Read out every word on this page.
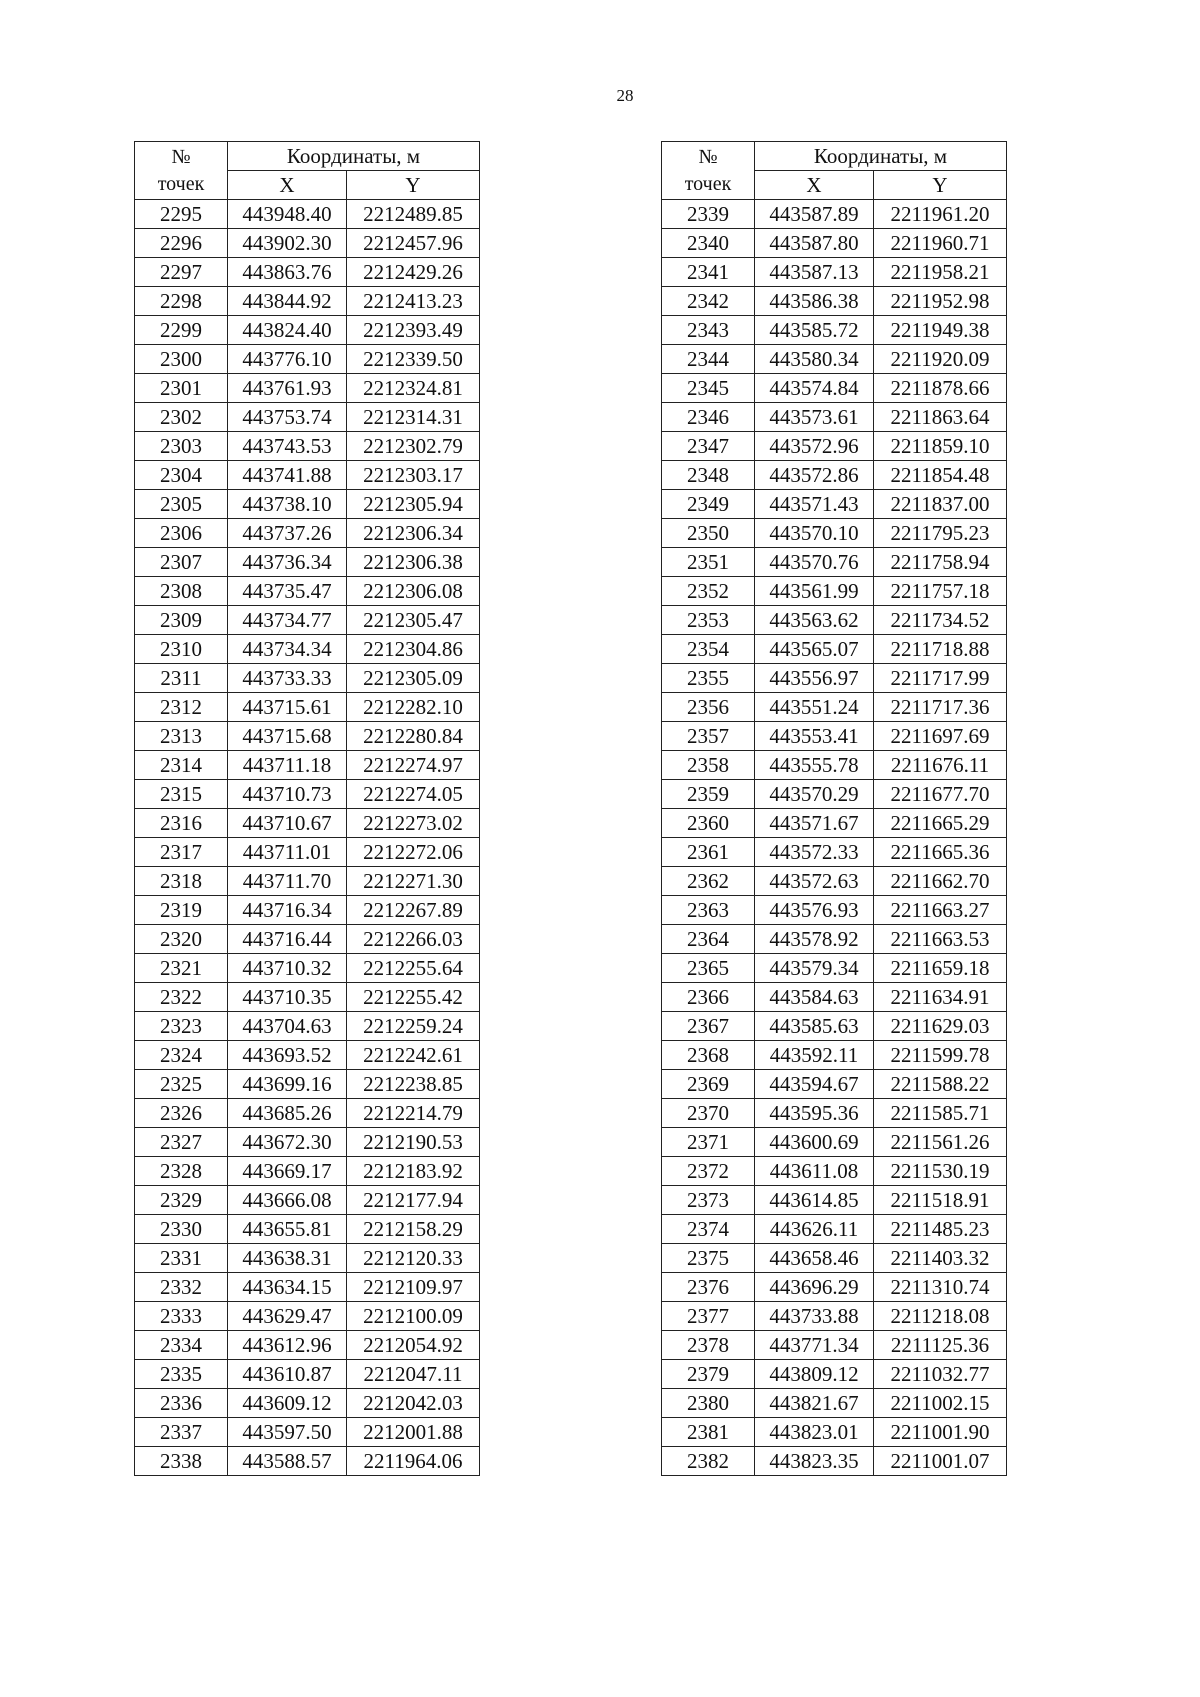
28
№
точек	Координаты, м	
	X	Y
2295	443948.40	2212489.85
2296	443902.30	2212457.96
2297	443863.76	2212429.26
2298	443844.92	2212413.23
2299	443824.40	2212393.49
2300	443776.10	2212339.50
2301	443761.93	2212324.81
2302	443753.74	2212314.31
2303	443743.53	2212302.79
2304	443741.88	2212303.17
2305	443738.10	2212305.94
2306	443737.26	2212306.34
2307	443736.34	2212306.38
2308	443735.47	2212306.08
2309	443734.77	2212305.47
2310	443734.34	2212304.86
2311	443733.33	2212305.09
2312	443715.61	2212282.10
2313	443715.68	2212280.84
2314	443711.18	2212274.97
2315	443710.73	2212274.05
2316	443710.67	2212273.02
2317	443711.01	2212272.06
2318	443711.70	2212271.30
2319	443716.34	2212267.89
2320	443716.44	2212266.03
2321	443710.32	2212255.64
2322	443710.35	2212255.42
2323	443704.63	2212259.24
2324	443693.52	2212242.61
2325	443699.16	2212238.85
2326	443685.26	2212214.79
2327	443672.30	2212190.53
2328	443669.17	2212183.92
2329	443666.08	2212177.94
2330	443655.81	2212158.29
2331	443638.31	2212120.33
2332	443634.15	2212109.97
2333	443629.47	2212100.09
2334	443612.96	2212054.92
2335	443610.87	2212047.11
2336	443609.12	2212042.03
2337	443597.50	2212001.88
2338	443588.57	2211964.06
№
точек	Координаты, м	
	X	Y
2339	443587.89	2211961.20
2340	443587.80	2211960.71
2341	443587.13	2211958.21
2342	443586.38	2211952.98
2343	443585.72	2211949.38
2344	443580.34	2211920.09
2345	443574.84	2211878.66
2346	443573.61	2211863.64
2347	443572.96	2211859.10
2348	443572.86	2211854.48
2349	443571.43	2211837.00
2350	443570.10	2211795.23
2351	443570.76	2211758.94
2352	443561.99	2211757.18
2353	443563.62	2211734.52
2354	443565.07	2211718.88
2355	443556.97	2211717.99
2356	443551.24	2211717.36
2357	443553.41	2211697.69
2358	443555.78	2211676.11
2359	443570.29	2211677.70
2360	443571.67	2211665.29
2361	443572.33	2211665.36
2362	443572.63	2211662.70
2363	443576.93	2211663.27
2364	443578.92	2211663.53
2365	443579.34	2211659.18
2366	443584.63	2211634.91
2367	443585.63	2211629.03
2368	443592.11	2211599.78
2369	443594.67	2211588.22
2370	443595.36	2211585.71
2371	443600.69	2211561.26
2372	443611.08	2211530.19
2373	443614.85	2211518.91
2374	443626.11	2211485.23
2375	443658.46	2211403.32
2376	443696.29	2211310.74
2377	443733.88	2211218.08
2378	443771.34	2211125.36
2379	443809.12	2211032.77
2380	443821.67	2211002.15
2381	443823.01	2211001.90
2382	443823.35	2211001.07
